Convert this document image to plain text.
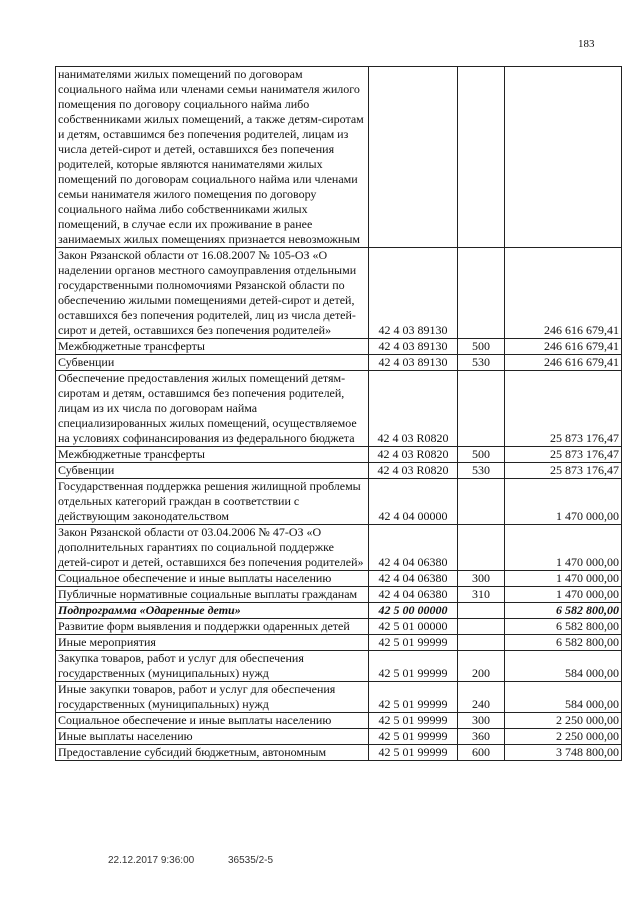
183
нанимателями жилых помещений по договорам социального найма или членами семьи нанимателя жилого помещения по договору социального найма либо собственниками жилых помещений, а также детям-сиротам и детям, оставшимся без попечения родителей, лицам из числа детей-сирот и детей, оставшихся без попечения родителей, которые являются нанимателями жилых помещений по договорам социального найма или членами семьи нанимателя жилого помещения по договору социального найма либо собственниками жилых помещений, в случае если их проживание в ранее занимаемых жилых помещениях признается невозможным			
Закон Рязанской области от 16.08.2007 № 105-ОЗ «О наделении органов местного самоуправления отдельными государственными полномочиями Рязанской области по обеспечению жилыми помещениями детей-сирот и детей, оставшихся без попечения родителей, лиц из числа детей-сирот и детей, оставшихся без попечения родителей»	42 4 03 89130		246 616 679,41
Межбюджетные трансферты	42 4 03 89130	500	246 616 679,41
Субвенции	42 4 03 89130	530	246 616 679,41
Обеспечение предоставления жилых помещений детям-сиротам и детям, оставшимся без попечения родителей, лицам из их числа по договорам найма специализированных жилых помещений, осуществляемое на условиях софинансирования из федерального бюджета	42 4 03 R0820		25 873 176,47
Межбюджетные трансферты	42 4 03 R0820	500	25 873 176,47
Субвенции	42 4 03 R0820	530	25 873 176,47
Государственная поддержка решения жилищной проблемы отдельных категорий граждан в соответствии с действующим законодательством	42 4 04 00000		1 470 000,00
Закон Рязанской области от 03.04.2006 № 47-ОЗ «О дополнительных гарантиях по социальной поддержке детей-сирот и детей, оставшихся без попечения родителей»	42 4 04 06380		1 470 000,00
Социальное обеспечение и иные выплаты населению	42 4 04 06380	300	1 470 000,00
Публичные нормативные социальные выплаты гражданам	42 4 04 06380	310	1 470 000,00
Подпрограмма «Одаренные дети»	42 5 00 00000		6 582 800,00
Развитие форм выявления и поддержки одаренных детей	42 5 01 00000		6 582 800,00
Иные мероприятия	42 5 01 99999		6 582 800,00
Закупка товаров, работ и услуг для обеспечения государственных (муниципальных) нужд	42 5 01 99999	200	584 000,00
Иные закупки товаров, работ и услуг для обеспечения государственных (муниципальных) нужд	42 5 01 99999	240	584 000,00
Социальное обеспечение и иные выплаты населению	42 5 01 99999	300	2 250 000,00
Иные выплаты населению	42 5 01 99999	360	2 250 000,00
Предоставление субсидий бюджетным, автономным	42 5 01 99999	600	3 748 800,00
22.12.2017 9:36:00	36535/2-5
